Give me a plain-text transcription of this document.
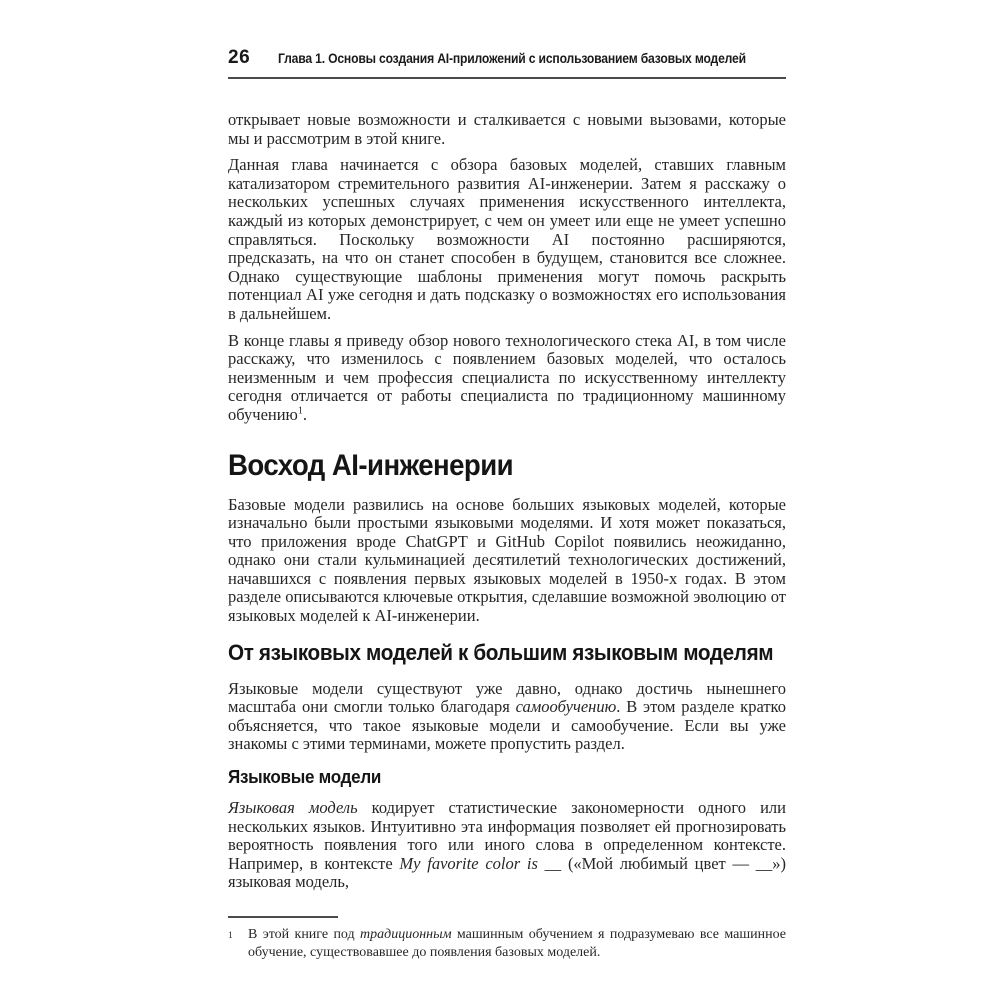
26 Глава 1. Основы создания AI-приложений с использованием базовых моделей

открывает новые возможности и сталкивается с новыми вызовами, которые мы и рассмотрим в этой книге.

Данная глава начинается с обзора базовых моделей, ставших главным катализатором стремительного развития AI-инженерии. Затем я расскажу о нескольких успешных случаях применения искусственного интеллекта, каждый из которых демонстрирует, с чем он умеет или еще не умеет успешно справляться. Поскольку возможности AI постоянно расширяются, предсказать, на что он станет способен в будущем, становится все сложнее. Однако существующие шаблоны применения могут помочь раскрыть потенциал AI уже сегодня и дать подсказку о возможностях его использования в дальнейшем.

В конце главы я приведу обзор нового технологического стека AI, в том числе расскажу, что изменилось с появлением базовых моделей, что осталось неизменным и чем профессия специалиста по искусственному интеллекту сегодня отличается от работы специалиста по традиционному машинному обучению$^1$.

Восход AI-инженерии

Базовые модели развились на основе больших языковых моделей, которые изначально были простыми языковыми моделями. И хотя может показаться, что приложения вроде ChatGPT и GitHub Copilot появились неожиданно, однако они стали кульминацией десятилетий технологических достижений, начавшихся с появления первых языковых моделей в 1950-х годах. В этом разделе описываются ключевые открытия, сделавшие возможной эволюцию от языковых моделей к AI-инженерии.

От языковых моделей к большим языковым моделям

Языковые модели существуют уже давно, однако достичь нынешнего масштаба они смогли только благодаря самообучению. В этом разделе кратко объясняется, что такое языковые модели и самообучение. Если вы уже знакомы с этими терминами, можете пропустить раздел.

Языковые модели

Языковая модель кодирует статистические закономерности одного или нескольких языков. Интуитивно эта информация позволяет ей прогнозировать вероятность появления того или иного слова в определенном контексте. Например, в контексте My favorite color is __ («Мой любимый цвет — __») языковая модель,

1	В этой книге под традиционным машинным обучением я подразумеваю все машинное обучение, существовавшее до появления базовых моделей.
